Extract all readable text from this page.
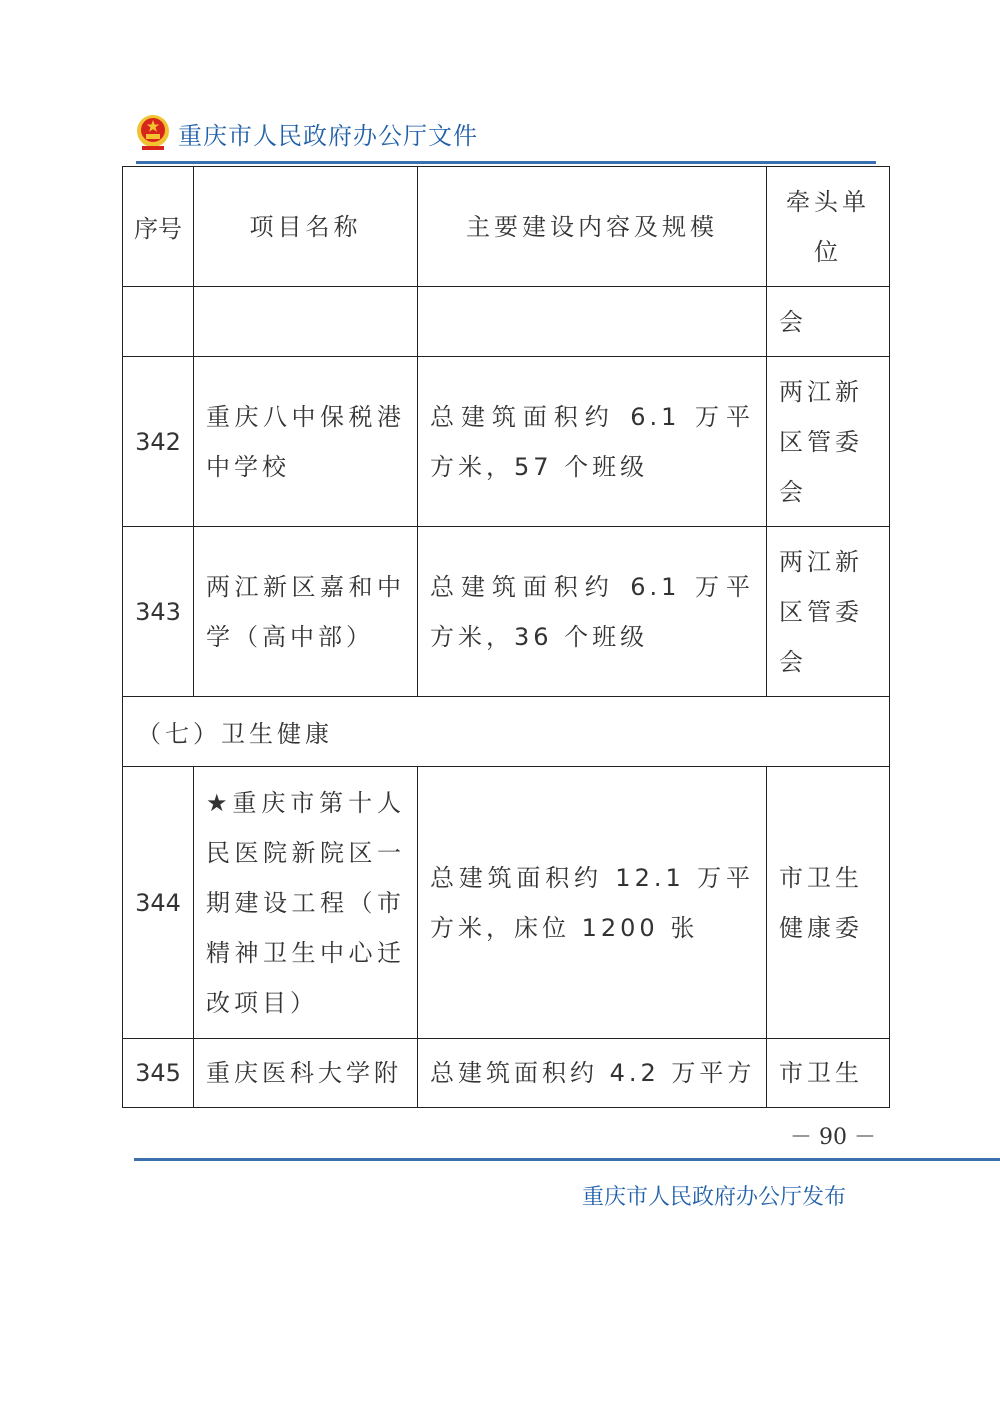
重庆市人民政府办公厅文件
序号	项目名称	主要建设内容及规模	牵头单位
			会
342	重庆八中保税港中学校	总建筑面积约 6.1 万平方米，57 个班级	两江新区管委会
343	两江新区嘉和中学（高中部）	总建筑面积约 6.1 万平方米，36 个班级	两江新区管委会
（七）卫生健康			
344	★重庆市第十人民医院新院区一期建设工程（市精神卫生中心迁改项目）	总建筑面积约 12.1 万平方米，床位 1200 张	市卫生健康委
345	重庆医科大学附	总建筑面积约 4.2 万平方	市卫生
－ 90 －
重庆市人民政府办公厅发布
